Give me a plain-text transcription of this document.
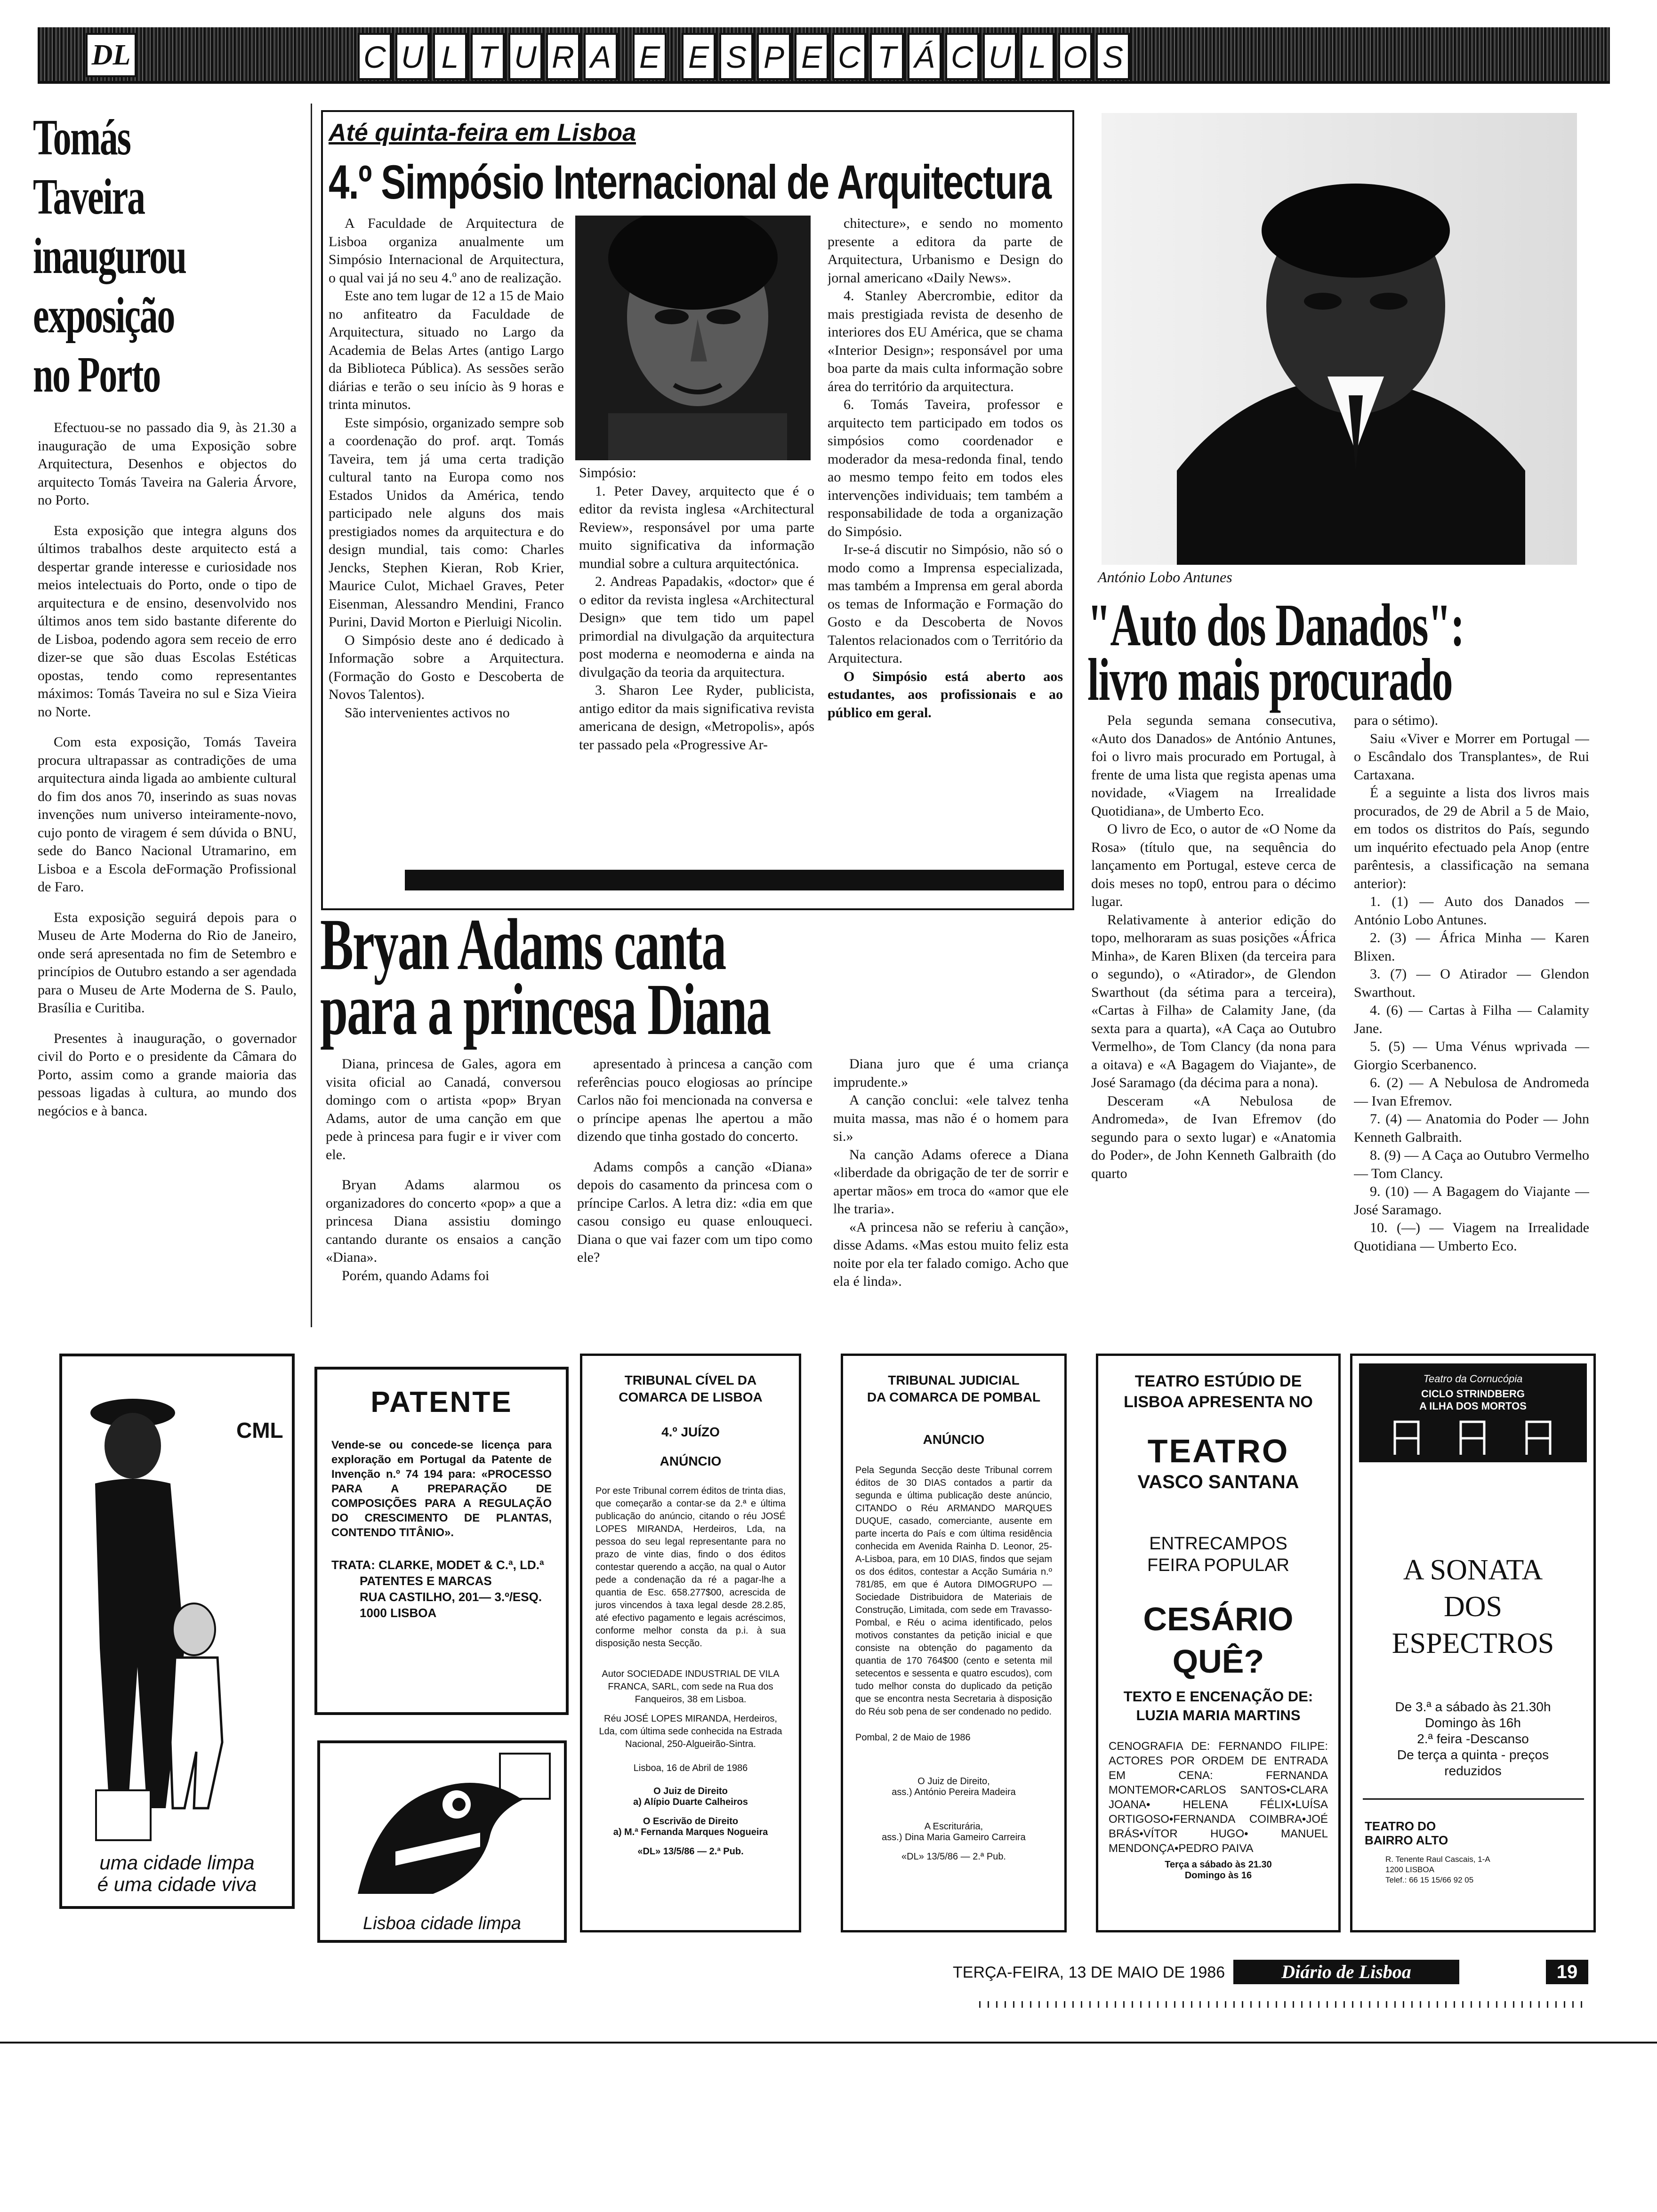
DL	C U L T U R A E E S P E C T Á C U L O S
Tomás
Taveira
inaugurou
exposição
no Porto

Efectuou-se no passado dia 9, às 21.30 a inauguração de uma Exposição sobre Arquitectura, Desenhos e objectos do arquitecto Tomás Taveira na Galeria Árvore, no Porto.

Esta exposição que integra alguns dos últimos trabalhos deste arquitecto está a despertar grande interesse e curiosidade nos meios intelectuais do Porto, onde o tipo de arquitectura e de ensino, desenvolvido nos últimos anos tem sido bastante diferente do de Lisboa, podendo agora sem receio de erro dizer-se que são duas Escolas Estéticas opostas, tendo como representantes máximos: Tomás Taveira no sul e Siza Vieira no Norte.

Com esta exposição, Tomás Taveira procura ultrapassar as contradições de uma arquitectura ainda ligada ao ambiente cultural do fim dos anos 70, inserindo as suas novas invenções num universo inteiramente-novo, cujo ponto de viragem é sem dúvida o BNU, sede do Banco Nacional Utramarino, em Lisboa e a Escola deFormação Profissional de Faro.

Esta exposição seguirá depois para o Museu de Arte Moderna do Rio de Janeiro, onde será apresentada no fim de Setembro e princípios de Outubro estando a ser agendada para o Museu de Arte Moderna de S. Paulo, Brasília e Curitiba.

Presentes à inauguração, o governador civil do Porto e o presidente da Câmara do Porto, assim como a grande maioria das pessoas ligadas à cultura, ao mundo dos negócios e à banca.

Até quinta-feira em Lisboa
4.º Simpósio Internacional de Arquitectura

A Faculdade de Arquitectura de Lisboa organiza anualmente um Simpósio Internacional de Arquitectura, o qual vai já no seu 4.º ano de realização.

Este ano tem lugar de 12 a 15 de Maio no anfiteatro da Faculdade de Arquitectura, situado no Largo da Academia de Belas Artes (antigo Largo da Biblioteca Pública). As sessões serão diárias e terão o seu início às 9 horas e trinta minutos.

Este simpósio, organizado sempre sob a coordenação do prof. arqt. Tomás Taveira, tem já uma certa tradição cultural tanto na Europa como nos Estados Unidos da América, tendo participado nele alguns dos mais prestigiados nomes da arquitectura e do design mundial, tais como: Charles Jencks, Stephen Kieran, Rob Krier, Maurice Culot, Michael Graves, Peter Eisenman, Alessandro Mendini, Franco Purini, David Morton e Pierluigi Nicolin.

O Simpósio deste ano é dedicado à Informação sobre a Arquitectura. (Formação do Gosto e Descoberta de Novos Talentos).

São intervenientes activos no

Simpósio:

1. Peter Davey, arquitecto que é o editor da revista inglesa «Architectural Review», responsável por uma parte muito significativa da informação mundial sobre a cultura arquitectónica.

2. Andreas Papadakis, «doctor» que é o editor da revista inglesa «Architectural Design» que tem tido um papel primordial na divulgação da arquitectura post moderna e neomoderna e ainda na divulgação da teoria da arquitectura.

3. Sharon Lee Ryder, publicista, antigo editor da mais significativa revista americana de design, «Metropolis», após ter passado pela «Progressive Ar-

chitecture», e sendo no momento presente a editora da parte de Arquitectura, Urbanismo e Design do jornal americano «Daily News».

4. Stanley Abercrombie, editor da mais prestigiada revista de desenho de interiores dos EU América, que se chama «Interior Design»; responsável por uma boa parte da mais culta informação sobre área do território da arquitectura.

6. Tomás Taveira, professor e arquitecto tem participado em todos os simpósios como coordenador e moderador da mesa-redonda final, tendo ao mesmo tempo feito em todos eles intervenções individuais; tem também a responsabilidade de toda a organização do Simpósio.

Ir-se-á discutir no Simpósio, não só o modo como a Imprensa especializada, mas também a Imprensa em geral aborda os temas de Informação e Formação do Gosto e da Descoberta de Novos Talentos relacionados com o Território da Arquitectura.

O Simpósio está aberto aos estudantes, aos profissionais e ao público em geral.

António Lobo Antunes
"Auto dos Danados":
livro mais procurado

Pela segunda semana consecutiva, «Auto dos Danados» de António Antunes, foi o livro mais procurado em Portugal, à frente de uma lista que regista apenas uma novidade, «Viagem na Irrealidade Quotidiana», de Umberto Eco.

O livro de Eco, o autor de «O Nome da Rosa» (título que, na sequência do lançamento em Portugal, esteve cerca de dois meses no top0, entrou para o décimo lugar.

Relativamente à anterior edição do topo, melhoraram as suas posições «África Minha», de Karen Blixen (da terceira para o segundo), o «Atirador», de Glendon Swarthout (da sétima para a terceira), «Cartas à Filha» de Calamity Jane, (da sexta para a quarta), «A Caça ao Outubro Vermelho», de Tom Clancy (da nona para a oitava) e «A Bagagem do Viajante», de José Saramago (da décima para a nona).

Desceram «A Nebulosa de Andromeda», de Ivan Efremov (do segundo para o sexto lugar) e «Anatomia do Poder», de John Kenneth Galbraith (do quarto

para o sétimo).

Saiu «Viver e Morrer em Portugal — o Escândalo dos Transplantes», de Rui Cartaxana.

É a seguinte a lista dos livros mais procurados, de 29 de Abril a 5 de Maio, em todos os distritos do País, segundo um inquérito efectuado pela Anop (entre parêntesis, a classificação na semana anterior):

1. (1) — Auto dos Danados — António Lobo Antunes.

2. (3) — África Minha — Karen Blixen.

3. (7) — O Atirador — Glendon Swarthout.

4. (6) — Cartas à Filha — Calamity Jane.

5. (5) — Uma Vénus wprivada — Giorgio Scerbanenco.

6. (2) — A Nebulosa de Andromeda — Ivan Efremov.

7. (4) — Anatomia do Poder — John Kenneth Galbraith.

8. (9) — A Caça ao Outubro Vermelho — Tom Clancy.

9. (10) — A Bagagem do Viajante — José Saramago.

10. (—) — Viagem na Irrealidade Quotidiana — Umberto Eco.

Bryan Adams canta
para a princesa Diana

Diana, princesa de Gales, agora em visita oficial ao Canadá, conversou domingo com o artista «pop» Bryan Adams, autor de uma canção em que pede à princesa para fugir e ir viver com ele.

Bryan Adams alarmou os organizadores do concerto «pop» a que a princesa Diana assistiu domingo cantando durante os ensaios a canção «Diana».

Porém, quando Adams foi

apresentado à princesa a canção com referências pouco elogiosas ao príncipe Carlos não foi mencionada na conversa e o príncipe apenas lhe apertou a mão dizendo que tinha gostado do concerto.

Adams compôs a canção «Diana» depois do casamento da princesa com o príncipe Carlos. A letra diz: «dia em que casou consigo eu quase enlouqueci. Diana o que vai fazer com um tipo como ele?

Diana juro que é uma criança imprudente.»

A canção conclui: «ele talvez tenha muita massa, mas não é o homem para si.»

Na canção Adams oferece a Diana «liberdade da obrigação de ter de sorrir e apertar mãos» em troca do «amor que ele lhe traria».

«A princesa não se referiu à canção», disse Adams. «Mas estou muito feliz esta noite por ela ter falado comigo. Acho que ela é linda».

CML
uma cidade limpa
é uma cidade viva
PATENTE
Vende-se ou concede-se licença para exploração em Portugal da Patente de Invenção n.º 74 194 para: «PROCESSO PARA A PREPARAÇÃO DE COMPOSIÇÕES PARA A REGULAÇÃO DO CRESCIMENTO DE PLANTAS, CONTENDO TITÂNIO».
TRATA: CLARKE, MODET & C.ª, LD.ª
PATENTES E MARCAS
RUA CASTILHO, 201— 3.º/ESQ.
1000 LISBOA
Lisboa cidade limpa
TRIBUNAL CÍVEL DA
COMARCA DE LISBOA
4.º JUÍZO
ANÚNCIO
Por este Tribunal correm éditos de trinta dias, que começarão a contar-se da 2.ª e última publicação do anúncio, citando o réu JOSÉ LOPES MIRANDA, Herdeiros, Lda, na pessoa do seu legal representante para no prazo de vinte dias, findo o dos éditos contestar querendo a acção, na qual o Autor pede a condenação da ré a pagar-lhe a quantia de Esc. 658.277$00, acrescida de juros vincendos à taxa legal desde 28.2.85, até efectivo pagamento e legais acréscimos, conforme melhor consta da p.i. à sua disposição nesta Secção.
Autor SOCIEDADE INDUSTRIAL DE VILA FRANCA, SARL, com sede na Rua dos Fanqueiros, 38 em Lisboa.
Réu JOSÉ LOPES MIRANDA, Herdeiros, Lda, com última sede conhecida na Estrada Nacional, 250-Algueirão-Sintra.
Lisboa, 16 de Abril de 1986
O Juiz de Direito
a) Alípio Duarte Calheiros
O Escrivão de Direito
a) M.ª Fernanda Marques Nogueira
«DL» 13/5/86 — 2.ª Pub.
TRIBUNAL JUDICIAL
DA COMARCA DE POMBAL
ANÚNCIO
Pela Segunda Secção deste Tribunal correm éditos de 30 DIAS contados a partir da segunda e última publicação deste anúncio, CITANDO o Réu ARMANDO MARQUES DUQUE, casado, comerciante, ausente em parte incerta do País e com última residência conhecida em Avenida Rainha D. Leonor, 25-A-Lisboa, para, em 10 DIAS, findos que sejam os dos éditos, contestar a Acção Sumária n.º 781/85, em que é Autora DIMOGRUPO — Sociedade Distribuidora de Materiais de Construção, Limitada, com sede em Travasso-Pombal, e Réu o acima identificado, pelos motivos constantes da petição inicial e que consiste na obtenção do pagamento da quantia de 170 764$00 (cento e setenta mil setecentos e sessenta e quatro escudos), com tudo melhor consta do duplicado da petição que se encontra nesta Secretaria à disposição do Réu sob pena de ser condenado no pedido.
Pombal, 2 de Maio de 1986
O Juiz de Direito,
ass.) António Pereira Madeira
A Escriturária,
ass.) Dina Maria Gameiro Carreira
«DL» 13/5/86 — 2.ª Pub.
TEATRO ESTÚDIO DE
LISBOA APRESENTA NO
TEATRO
VASCO SANTANA
ENTRECAMPOS
FEIRA POPULAR
CESÁRIO QUÊ?
TEXTO E ENCENAÇÃO DE:
LUZIA MARIA MARTINS
CENOGRAFIA DE: FERNANDO FILIPE: ACTORES POR ORDEM DE ENTRADA EM CENA: FERNANDA MONTEMOR•CARLOS SANTOS•CLARA JOANA• HELENA FÉLIX•LUÍSA ORTIGOSO•FERNANDA COIMBRA•JOÉ BRÁS•VÍTOR HUGO• MANUEL MENDONÇA•PEDRO PAIVA
Terça a sábado às 21.30
Domingo às 16
Teatro da Cornucópia
CICLO STRINDBERG
A ILHA DOS MORTOS
A SONATA
DOS
ESPECTROS
De 3.ª a sábado às 21.30h
Domingo às 16h
2.ª feira -Descanso
De terça a quinta - preços
reduzidos
TEATRO DO
BAIRRO ALTO
R. Tenente Raul Cascais, 1-A
1200 LISBOA
Telef.: 66 15 15/66 92 05
TERÇA-FEIRA, 13 DE MAIO DE 1986	Diário de Lisboa	19
